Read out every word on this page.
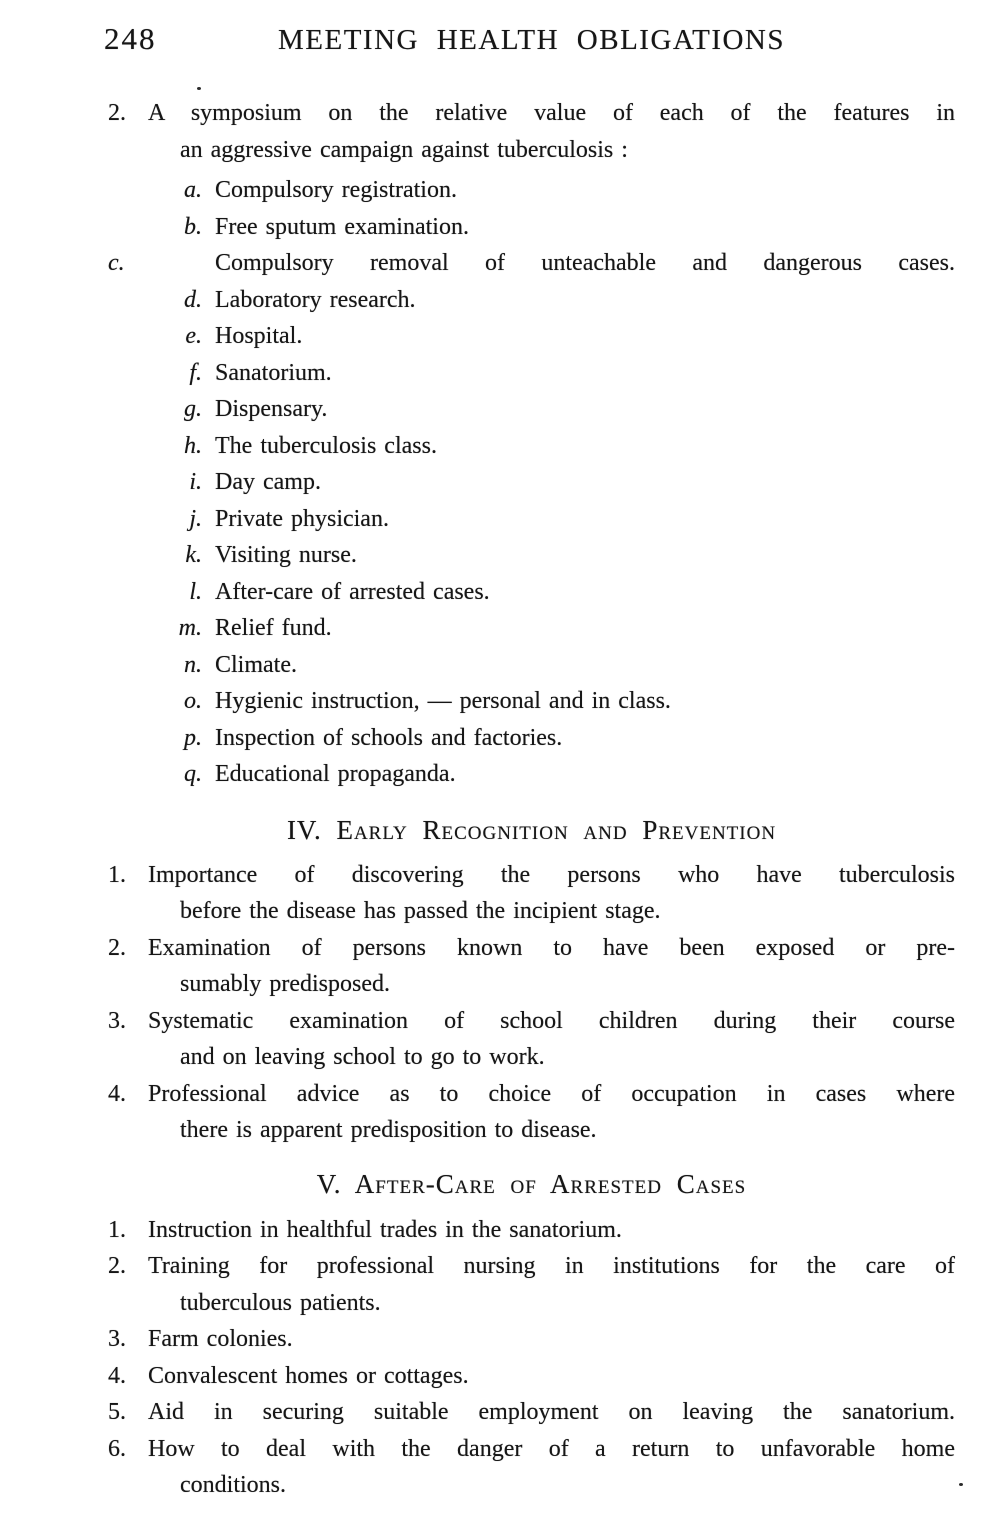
248	MEETING HEALTH OBLIGATIONS
2. A symposium on the relative value of each of the features in
an aggressive campaign against tuberculosis :
a. Compulsory registration.
b. Free sputum examination.
c.	Compulsory removal of unteachable and dangerous cases.
d. Laboratory research.
e. Hospital.
f. Sanatorium.
g. Dispensary.
h. The tuberculosis class.
i. Day camp.
j. Private physician.
k. Visiting nurse.
l. After-care of arrested cases.
m. Relief fund.
n. Climate.
o. Hygienic instruction, — personal and in class.
p. Inspection of schools and factories.
q. Educational propaganda.
IV. Early Recognition and Prevention
1. Importance of discovering the persons who have tuberculosis
before the disease has passed the incipient stage.
2. Examination of persons known to have been exposed or pre-
sumably predisposed.
3. Systematic examination of school children during their course
and on leaving school to go to work.
4. Professional advice as to choice of occupation in cases where
there is apparent predisposition to disease.
V. After-Care of Arrested Cases
1. Instruction in healthful trades in the sanatorium.
2. Training for professional nursing in institutions for the care of
tuberculous patients.
3. Farm colonies.
4. Convalescent homes or cottages.
5. Aid in securing suitable employment on leaving the sanatorium.
6. How to deal with the danger of a return to unfavorable home
conditions.
